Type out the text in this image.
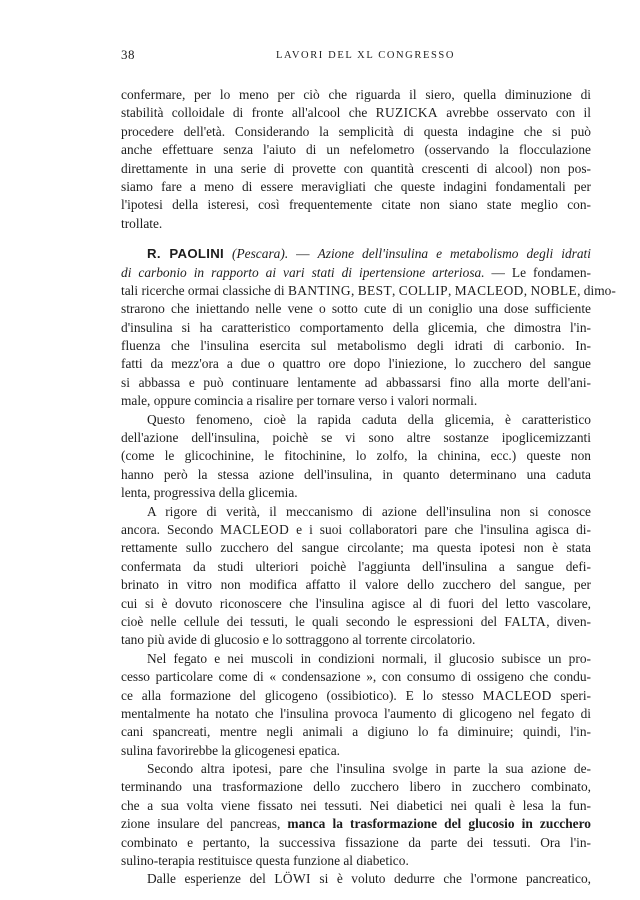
38	LAVORI DEL XL CONGRESSO
confermare, per lo meno per ciò che riguarda il siero, quella diminuzione di
stabilità colloidale di fronte all'alcool che RUZICKA avrebbe osservato con il
procedere dell'età. Considerando la semplicità di questa indagine che si può
anche effettuare senza l'aiuto di un nefelometro (osservando la flocculazione
direttamente in una serie di provette con quantità crescenti di alcool) non pos-
siamo fare a meno di essere meravigliati che queste indagini fondamentali per
l'ipotesi della isteresi, così frequentemente citate non siano state meglio con-
trollate.
R. PAOLINI (Pescara). — Azione dell'insulina e metabolismo degli idrati
di carbonio in rapporto ai vari stati di ipertensione arteriosa. — Le fondamen-
tali ricerche ormai classiche di BANTING, BEST, COLLIP, MACLEOD, NOBLE, dimo-
strarono che iniettando nelle vene o sotto cute di un coniglio una dose sufficiente
d'insulina si ha caratteristico comportamento della glicemia, che dimostra l'in-
fluenza che l'insulina esercita sul metabolismo degli idrati di carbonio. In-
fatti da mezz'ora a due o quattro ore dopo l'iniezione, lo zucchero del sangue
si abbassa e può continuare lentamente ad abbassarsi fino alla morte dell'ani-
male, oppure comincia a risalire per tornare verso i valori normali.
Questo fenomeno, cioè la rapida caduta della glicemia, è caratteristico
dell'azione dell'insulina, poichè se vi sono altre sostanze ipoglicemizzanti
(come le glicochinine, le fitochinine, lo zolfo, la chinina, ecc.) queste non
hanno però la stessa azione dell'insulina, in quanto determinano una caduta
lenta, progressiva della glicemia.
A rigore di verità, il meccanismo di azione dell'insulina non si conosce
ancora. Secondo MACLEOD e i suoi collaboratori pare che l'insulina agisca di-
rettamente sullo zucchero del sangue circolante; ma questa ipotesi non è stata
confermata da studi ulteriori poichè l'aggiunta dell'insulina a sangue defi-
brinato in vitro non modifica affatto il valore dello zucchero del sangue, per
cui si è dovuto riconoscere che l'insulina agisce al di fuori del letto vascolare,
cioè nelle cellule dei tessuti, le quali secondo le espressioni del FALTA, diven-
tano più avide di glucosio e lo sottraggono al torrente circolatorio.
Nel fegato e nei muscoli in condizioni normali, il glucosio subisce un pro-
cesso particolare come di « condensazione », con consumo di ossigeno che condu-
ce alla formazione del glicogeno (ossibiotico). E lo stesso MACLEOD speri-
mentalmente ha notato che l'insulina provoca l'aumento di glicogeno nel fegato di
cani spancreati, mentre negli animali a digiuno lo fa diminuire; quindi, l'in-
sulina favorirebbe la glicogenesi epatica.
Secondo altra ipotesi, pare che l'insulina svolge in parte la sua azione de-
terminando una trasformazione dello zucchero libero in zucchero combinato,
che a sua volta viene fissato nei tessuti. Nei diabetici nei quali è lesa la fun-
zione insulare del pancreas, manca la trasformazione del glucosio in zucchero
combinato e pertanto, la successiva fissazione da parte dei tessuti. Ora l'in-
sulino-terapia restituisce questa funzione al diabetico.
Dalle esperienze del LÖWI si è voluto dedurre che l'ormone pancreatico,
